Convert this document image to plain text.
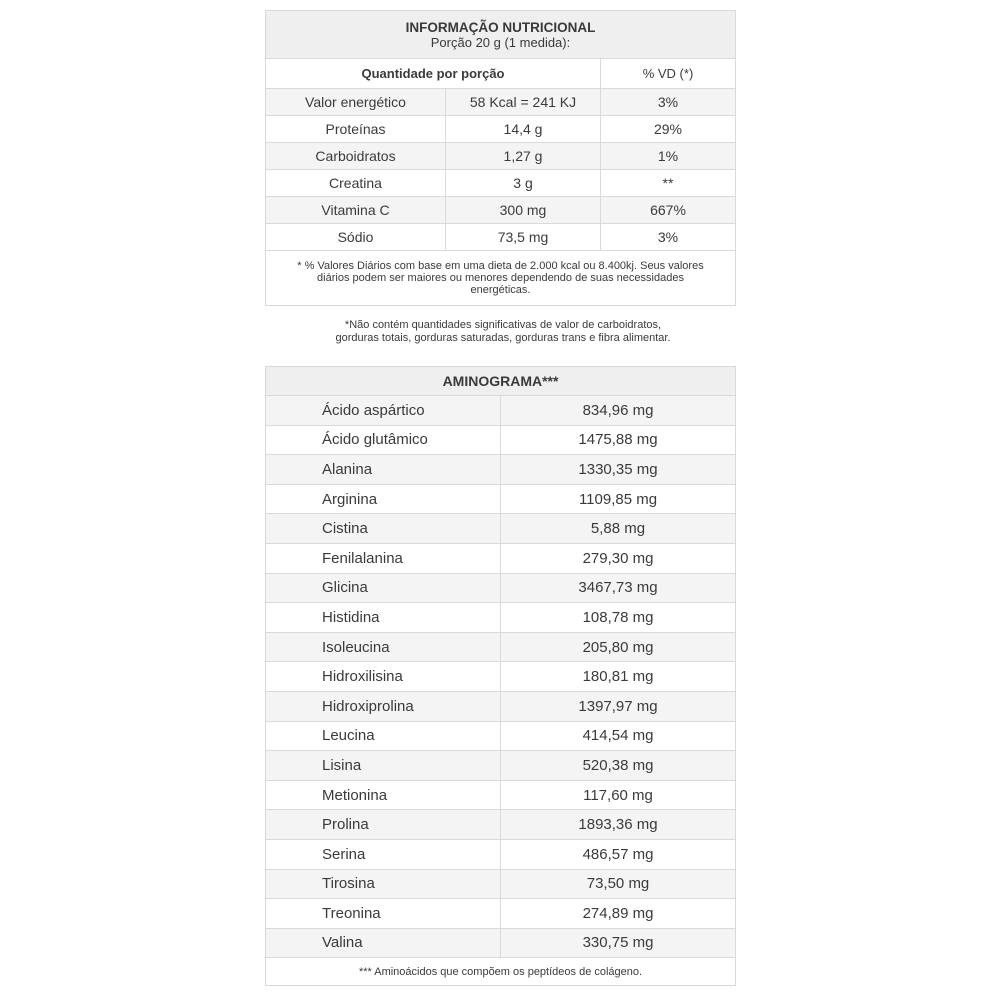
INFORMAÇÃO NUTRICIONAL
Porção 20 g (1 medida):		

Quantidade por porção		% VD (*)
Valor energético	58 Kcal = 241 KJ	3%
Proteínas	14,4 g	29%
Carboidratos	1,27 g	1%
Creatina	3 g	**
Vitamina C	300 mg	667%
Sódio	73,5 mg	3%
* % Valores Diários com base em uma dieta de 2.000 kcal ou 8.400kj. Seus valores diários podem ser maiores ou menores dependendo de suas necessidades energéticas.		
*Não contém quantidades significativas de valor de carboidratos,
gorduras totais, gorduras saturadas, gorduras trans e fibra alimentar.
AMINOGRAMA***	
Ácido aspártico	834,96 mg
Ácido glutâmico	1475,88 mg
Alanina	1330,35 mg
Arginina	1109,85 mg
Cistina	5,88 mg
Fenilalanina	279,30 mg
Glicina	3467,73 mg
Histidina	108,78 mg
Isoleucina	205,80 mg
Hidroxilisina	180,81 mg
Hidroxiprolina	1397,97 mg
Leucina	414,54 mg
Lisina	520,38 mg
Metionina	117,60 mg
Prolina	1893,36 mg
Serina	486,57 mg
Tirosina	73,50 mg
Treonina	274,89 mg
Valina	330,75 mg
*** Aminoácidos que compõem os peptídeos de colágeno.	
